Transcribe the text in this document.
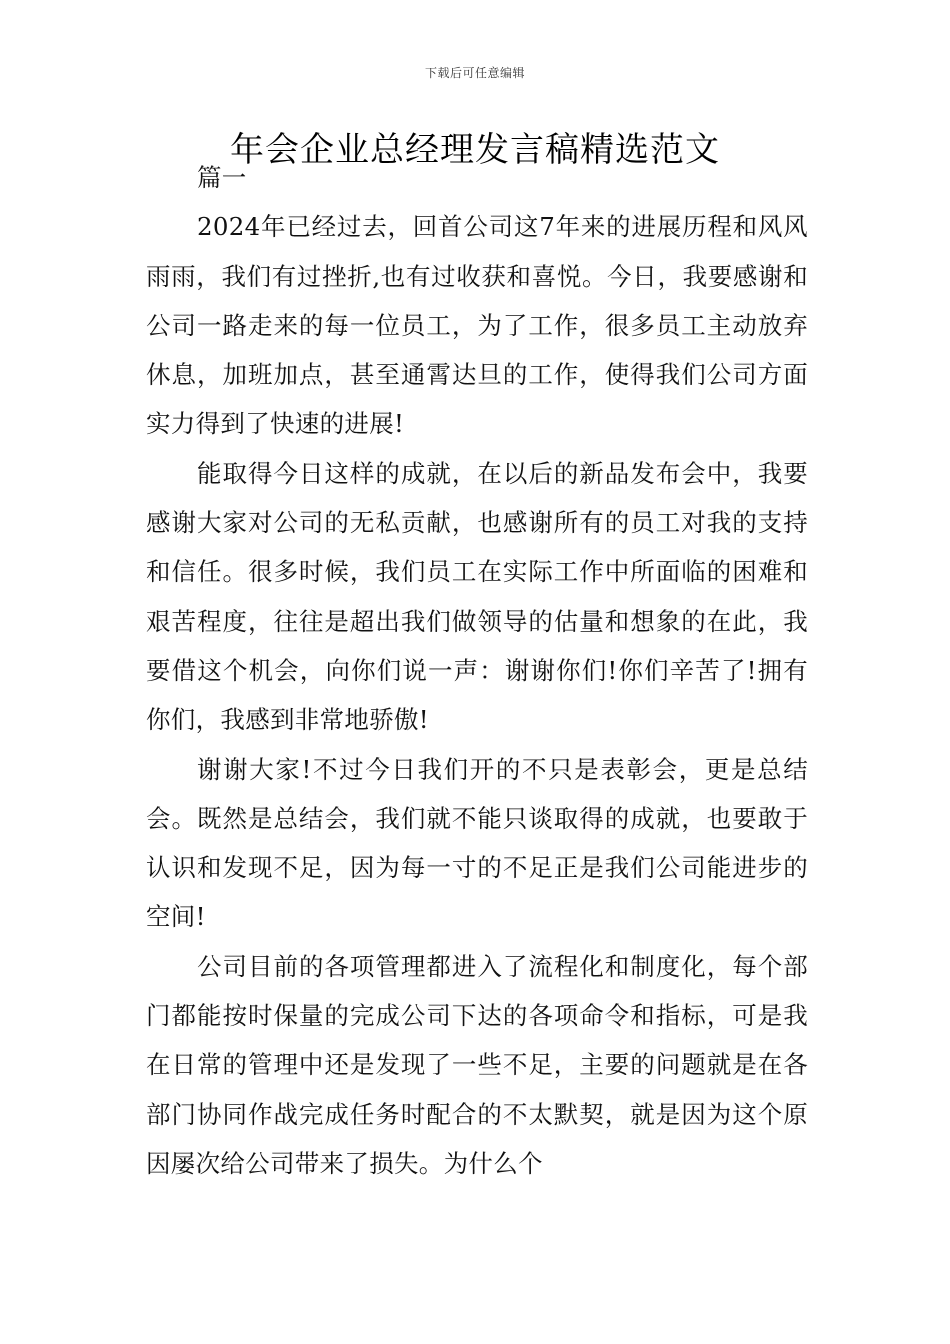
下载后可任意编辑
年会企业总经理发言稿精选范文

篇一

2024年已经过去，回首公司这7年来的进展历程和风风雨雨，我们有过挫折,也有过收获和喜悦。今日，我要感谢和公司一路走来的每一位员工，为了工作，很多员工主动放弃休息，加班加点，甚至通霄达旦的工作，使得我们公司方面实力得到了快速的进展!

能取得今日这样的成就，在以后的新品发布会中，我要感谢大家对公司的无私贡献，也感谢所有的员工对我的支持和信任。很多时候，我们员工在实际工作中所面临的困难和艰苦程度，往往是超出我们做领导的估量和想象的在此，我要借这个机会，向你们说一声：谢谢你们!你们辛苦了!拥有你们，我感到非常地骄傲!

谢谢大家!不过今日我们开的不只是表彰会，更是总结会。既然是总结会，我们就不能只谈取得的成就，也要敢于认识和发现不足，因为每一寸的不足正是我们公司能进步的空间!

公司目前的各项管理都进入了流程化和制度化，每个部门都能按时保量的完成公司下达的各项命令和指标，可是我在日常的管理中还是发现了一些不足，主要的问题就是在各部门协同作战完成任务时配合的不太默契，就是因为这个原因屡次给公司带来了损失。为什么个
